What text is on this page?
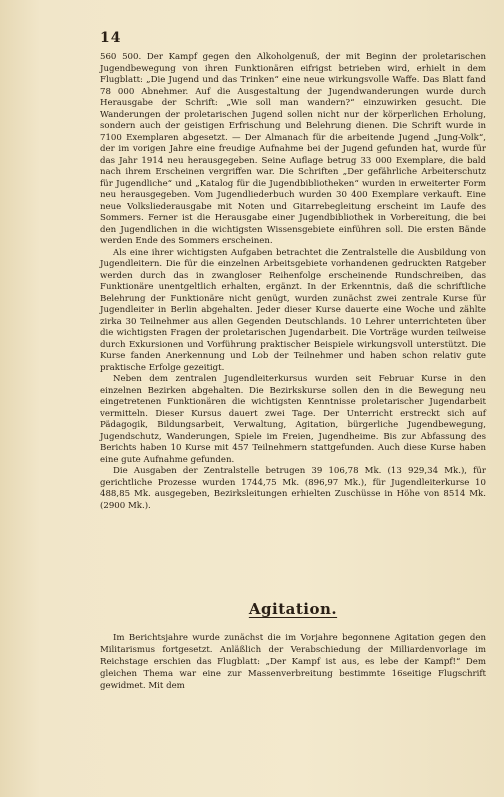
14

560 500. Der Kampf gegen den Alkoholgenuß, der mit Beginn der proletarischen Jugendbewegung von ihren Funktionären eifrigst betrieben wird, erhielt in dem Flugblatt: „Die Jugend und das Trinken“ eine neue wirkungsvolle Waffe. Das Blatt fand 78 000 Abnehmer. Auf die Ausgestaltung der Jugendwanderungen wurde durch Herausgabe der Schrift: „Wie soll man wandern?“ einzuwirken gesucht. Die Wanderungen der proletarischen Jugend sollen nicht nur der körperlichen Erholung, sondern auch der geistigen Erfrischung und Belehrung dienen. Die Schrift wurde in 7100 Exemplaren abgesetzt. — Der Almanach für die arbeitende Jugend „Jung-Volk“, der im vorigen Jahre eine freudige Aufnahme bei der Jugend gefunden hat, wurde für das Jahr 1914 neu herausgegeben. Seine Auflage betrug 33 000 Exemplare, die bald nach ihrem Erscheinen vergriffen war. Die Schriften „Der gefährliche Arbeiterschutz für Jugendliche“ und „Katalog für die Jugendbibliotheken“ wurden in erweiterter Form neu herausgegeben. Vom Jugendliederbuch wurden 30 400 Exemplare verkauft. Eine neue Volksliederausgabe mit Noten und Gitarrebegleitung erscheint im Laufe des Sommers. Ferner ist die Herausgabe einer Jugendbibliothek in Vorbereitung, die bei den Jugendlichen in die wichtigsten Wissensgebiete einführen soll. Die ersten Bände werden Ende des Sommers erscheinen.

Als eine ihrer wichtigsten Aufgaben betrachtet die Zentralstelle die Ausbildung von Jugendleitern. Die für die einzelnen Arbeitsgebiete vorhandenen gedruckten Ratgeber werden durch das in zwangloser Reihenfolge erscheinende Rundschreiben, das Funktionäre unentgeltlich erhalten, ergänzt. In der Erkenntnis, daß die schriftliche Belehrung der Funktionäre nicht genügt, wurden zunächst zwei zentrale Kurse für Jugendleiter in Berlin abgehalten. Jeder dieser Kurse dauerte eine Woche und zählte zirka 30 Teilnehmer aus allen Gegenden Deutschlands. 10 Lehrer unterrichteten über die wichtigsten Fragen der proletarischen Jugendarbeit. Die Vorträge wurden teilweise durch Exkursionen und Vorführung praktischer Beispiele wirkungsvoll unterstützt. Die Kurse fanden Anerkennung und Lob der Teilnehmer und haben schon relativ gute praktische Erfolge gezeitigt.

Neben dem zentralen Jugendleiterkursus wurden seit Februar Kurse in den einzelnen Bezirken abgehalten. Die Bezirkskurse sollen den in die Bewegung neu eingetretenen Funktionären die wichtigsten Kenntnisse proletarischer Jugendarbeit vermitteln. Dieser Kursus dauert zwei Tage. Der Unterricht erstreckt sich auf Pädagogik, Bildungsarbeit, Verwaltung, Agitation, bürgerliche Jugendbewegung, Jugendschutz, Wanderungen, Spiele im Freien, Jugendheime. Bis zur Abfassung des Berichts haben 10 Kurse mit 457 Teilnehmern stattgefunden. Auch diese Kurse haben eine gute Aufnahme gefunden.

Die Ausgaben der Zentralstelle betrugen 39 106,78 Mk. (13 929,34 Mk.), für gerichtliche Prozesse wurden 1744,75 Mk. (896,97 Mk.), für Jugendleiterkurse 10 488,85 Mk. ausgegeben, Bezirksleitungen erhielten Zuschüsse in Höhe von 8514 Mk. (2900 Mk.).

Agitation.

Im Berichtsjahre wurde zunächst die im Vorjahre begonnene Agitation gegen den Militarismus fortgesetzt. Anläßlich der Verabschiedung der Milliardenvorlage im Reichstage erschien das Flugblatt: „Der Kampf ist aus, es lebe der Kampf!“ Dem gleichen Thema war eine zur Massenverbreitung bestimmte 16seitige Flugschrift gewidmet. Mit dem
